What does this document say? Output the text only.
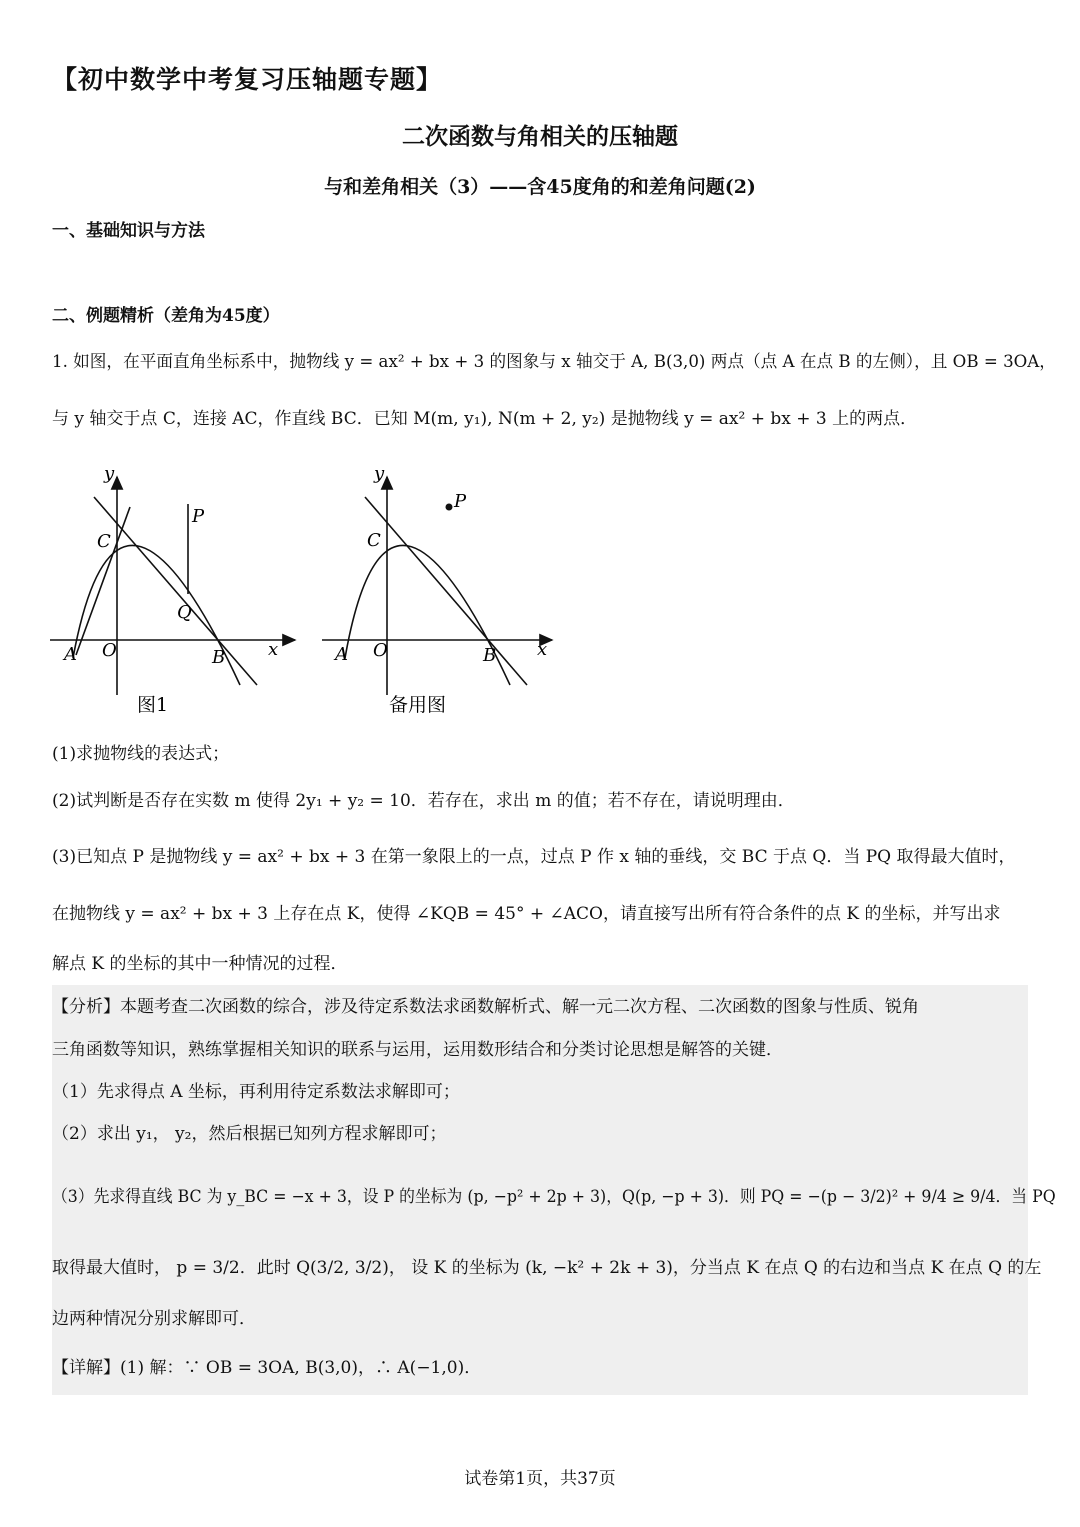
【初中数学中考复习压轴题专题】
二次函数与角相关的压轴题
与和差角相关（3）——含45度角的和差角问题(2)
一、基础知识与方法
二、例题精析（差角为45度）
1. 如图，在平面直角坐标系中，抛物线 y = ax² + bx + 3 的图象与 x 轴交于 A, B(3,0) 两点（点 A 在点 B 的左侧），且 OB = 3OA，
与 y 轴交于点 C，连接 AC，作直线 BC．已知 M(m, y₁), N(m + 2, y₂) 是抛物线 y = ax² + bx + 3 上的两点．
y
x
A O	B
C
P
Q
图1
y
x
A O	B
C
P
备用图
(1)求抛物线的表达式；
(2)试判断是否存在实数 m 使得 2y₁ + y₂ = 10．若存在，求出 m 的值；若不存在，请说明理由．
(3)已知点 P 是抛物线 y = ax² + bx + 3 在第一象限上的一点，过点 P 作 x 轴的垂线，交 BC 于点 Q．当 PQ 取得最大值时，
在抛物线 y = ax² + bx + 3 上存在点 K，使得 ∠KQB = 45° + ∠ACO，请直接写出所有符合条件的点 K 的坐标，并写出求
解点 K 的坐标的其中一种情况的过程．
【分析】本题考查二次函数的综合，涉及待定系数法求函数解析式、解一元二次方程、二次函数的图象与性质、锐角
三角函数等知识，熟练掌握相关知识的联系与运用，运用数形结合和分类讨论思想是解答的关键．
（1）先求得点 A 坐标，再利用待定系数法求解即可；
（2）求出 y₁， y₂，然后根据已知列方程求解即可；
（3）先求得直线 BC 为 y_BC = −x + 3，设 P 的坐标为 (p, −p² + 2p + 3)，Q(p, −p + 3)．则 PQ = −(p − 3/2)² + 9/4 ≥ 9/4．当 PQ
取得最大值时， p = 3/2．此时 Q(3/2, 3/2)， 设 K 的坐标为 (k, −k² + 2k + 3)，分当点 K 在点 Q 的右边和当点 K 在点 Q 的左
边两种情况分别求解即可．
【详解】(1) 解：∵ OB = 3OA, B(3,0)，∴ A(−1,0)．
试卷第1页，共37页
